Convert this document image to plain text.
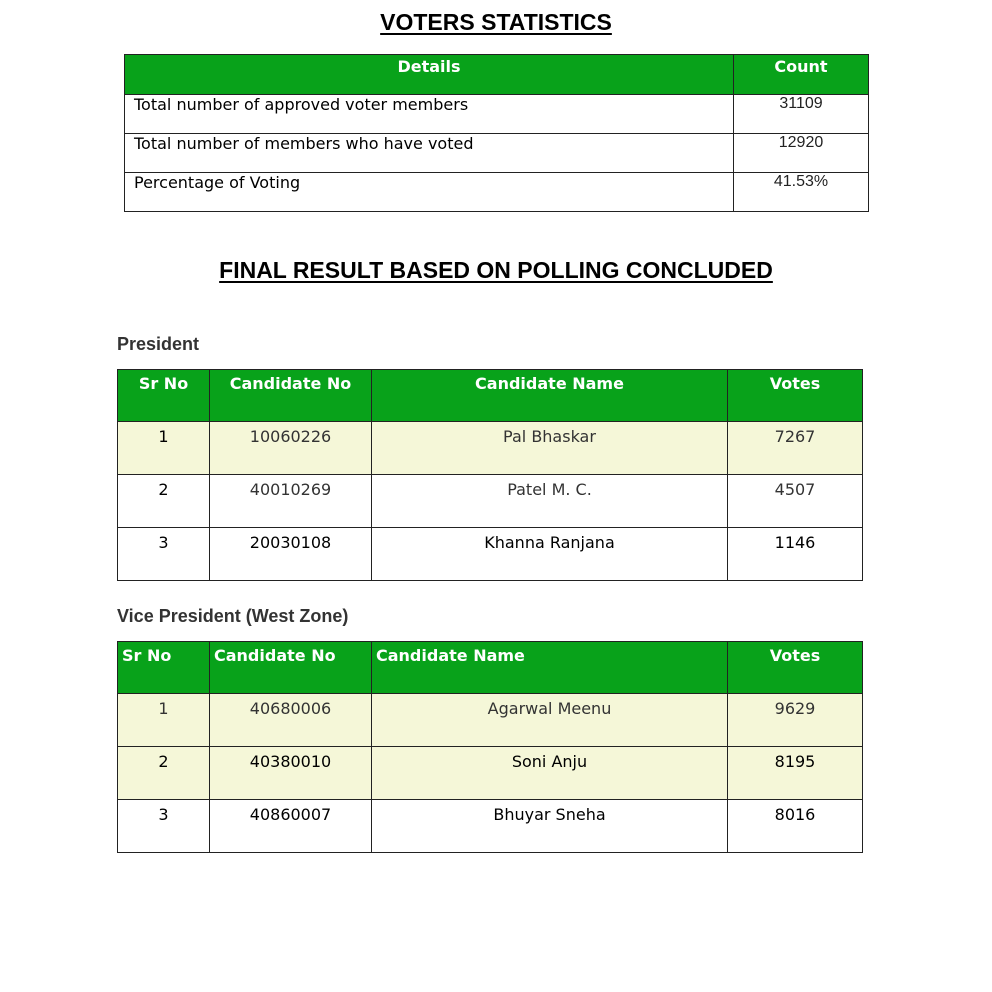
VOTERS STATISTICS
Details	Count
Total number of approved voter members	31109
Total number of members who have voted	12920
Percentage of Voting	41.53%
FINAL RESULT BASED ON POLLING CONCLUDED
President
Sr No	Candidate No	Candidate Name	Votes
1	10060226	Pal Bhaskar	7267
2	40010269	Patel M. C.	4507
3	20030108	Khanna Ranjana	1146
Vice President (West Zone)
Sr No	Candidate No	Candidate Name	Votes
1	40680006	Agarwal Meenu	9629
2	40380010	Soni Anju	8195
3	40860007	Bhuyar Sneha	8016
